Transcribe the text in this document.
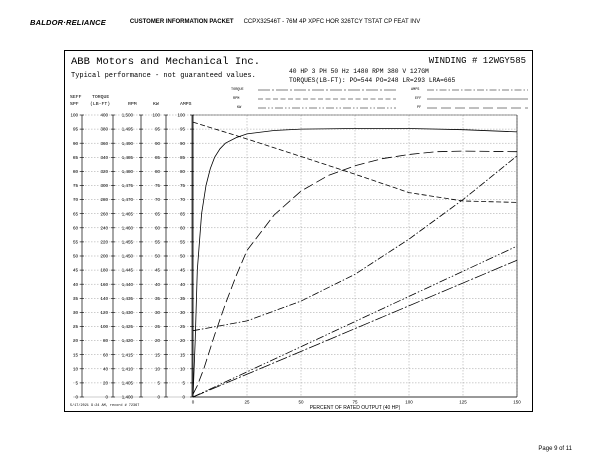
BALDOR·RELIANCE	CUSTOMER INFORMATION PACKET CCPX32546T - 76M 4P XPFC HOR 326TCY TSTAT CP FEAT INV
ABB Motors and Mechanical Inc.
Typical performance - not guaranteed values.
WINDING # 12WGY585
40 HP 3 PH 50 Hz 1480 RPM 380 V 127GM
TORQUES(LB-FT): PO=544 PO=248 LR=293 LRA=665
TORQUE
RPM
KW
AMPS
EFF
PF
5/17/2021 9:24 AM, record # 72367
Page 9 of 11
100
95
90
85
80
75
70
65
60
55
50
45
40
35
30
25
20
15
10
5
0
400
380
360
340
320
300
280
260
240
220
200
180
160
140
120
100
80
60
40
20
0
1,500
1,495
1,490
1,485
1,480
1,475
1,470
1,465
1,460
1,455
1,450
1,445
1,440
1,435
1,430
1,425
1,420
1,415
1,410
1,405
1,400
100
95
90
85
80
75
70
65
60
55
50
45
40
35
30
25
20
15
10
5
0
100
95
90
85
80
75
70
65
60
55
50
45
40
35
30
25
20
15
10
5
0
%EFF TORQUE
%PF (LB-FT)	RPM	KW	AMPS
0	25	50	75	100	125	150
PERCENT OF RATED OUTPUT (40 HP)
